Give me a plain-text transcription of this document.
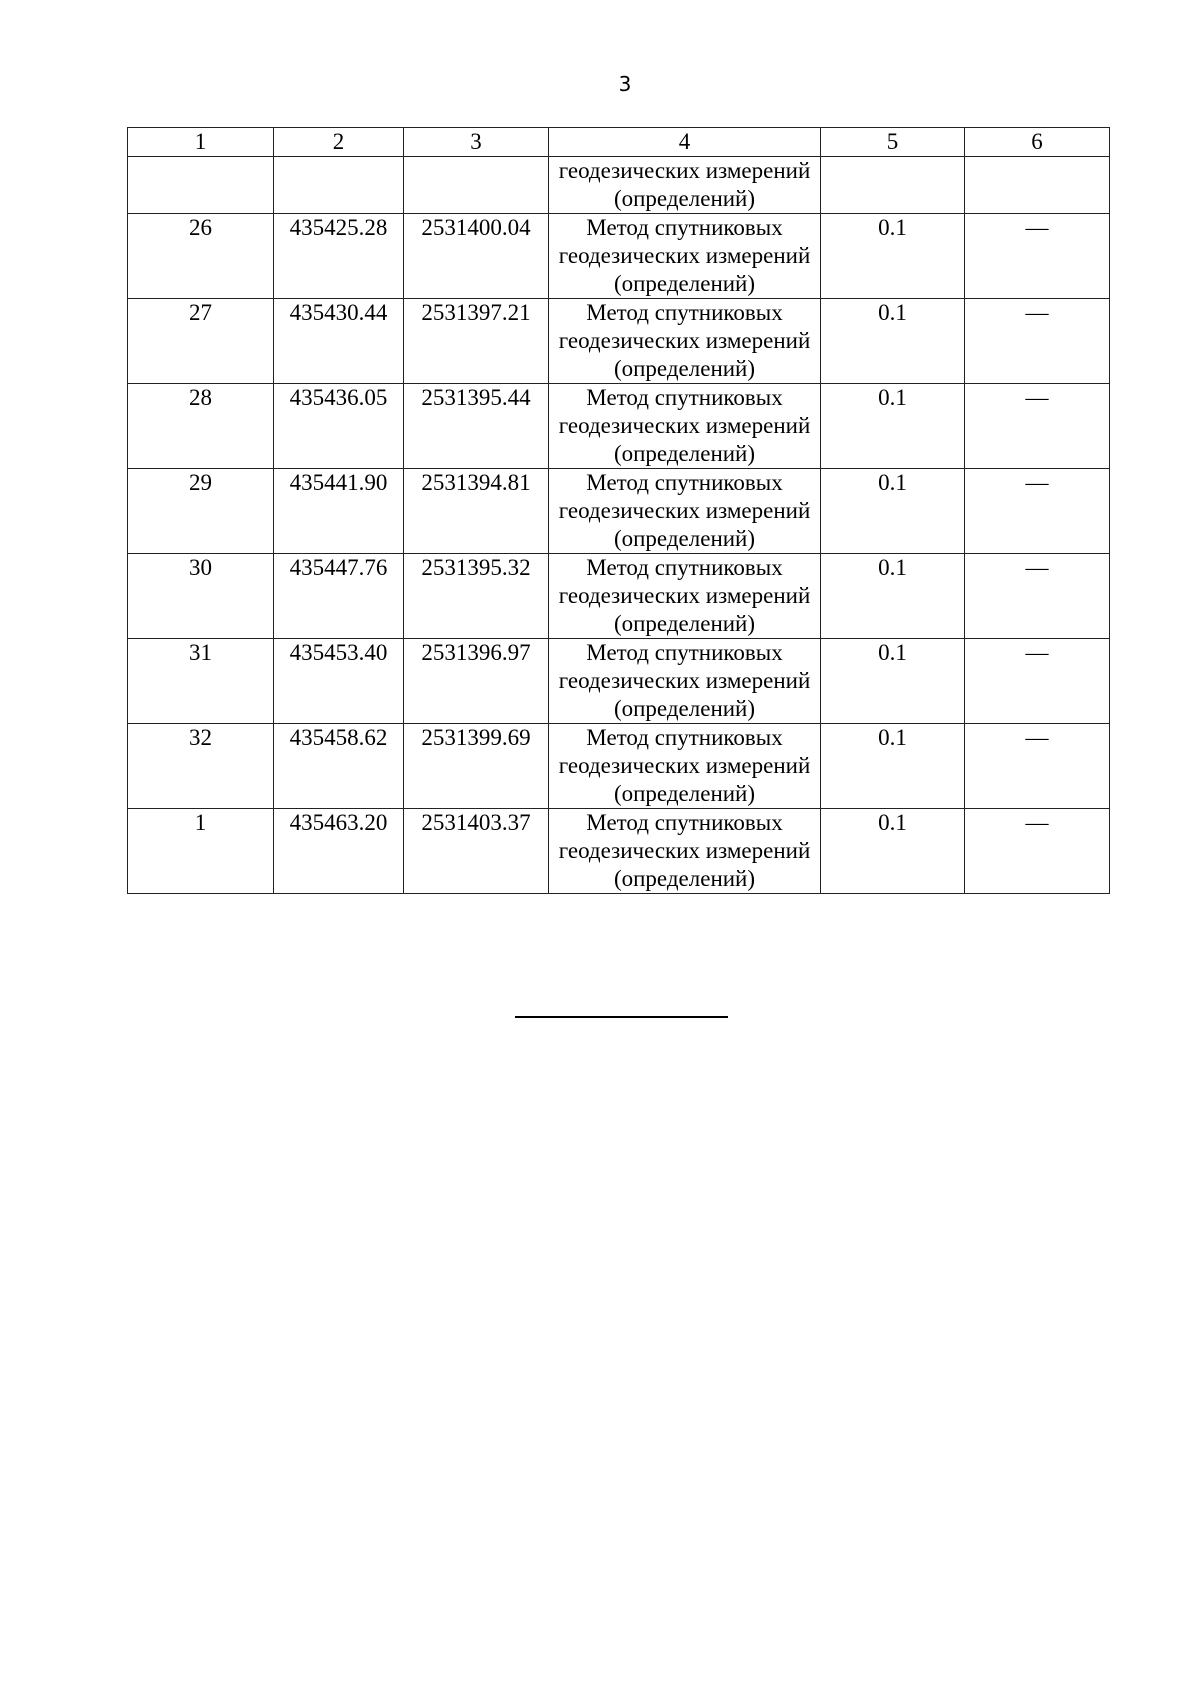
3
1	2	3	4	5	6

			геодезических измерений
(определений)		

26	435425.28	2531400.04	Метод спутниковых
геодезических измерений
(определений)	0.1	—
27	435430.44	2531397.21	Метод спутниковых
геодезических измерений
(определений)	0.1	—
28	435436.05	2531395.44	Метод спутниковых
геодезических измерений
(определений)	0.1	—
29	435441.90	2531394.81	Метод спутниковых
геодезических измерений
(определений)	0.1	—
30	435447.76	2531395.32	Метод спутниковых
геодезических измерений
(определений)	0.1	—
31	435453.40	2531396.97	Метод спутниковых
геодезических измерений
(определений)	0.1	—
32	435458.62	2531399.69	Метод спутниковых
геодезических измерений
(определений)	0.1	—
1	435463.20	2531403.37	Метод спутниковых
геодезических измерений
(определений)	0.1	—
